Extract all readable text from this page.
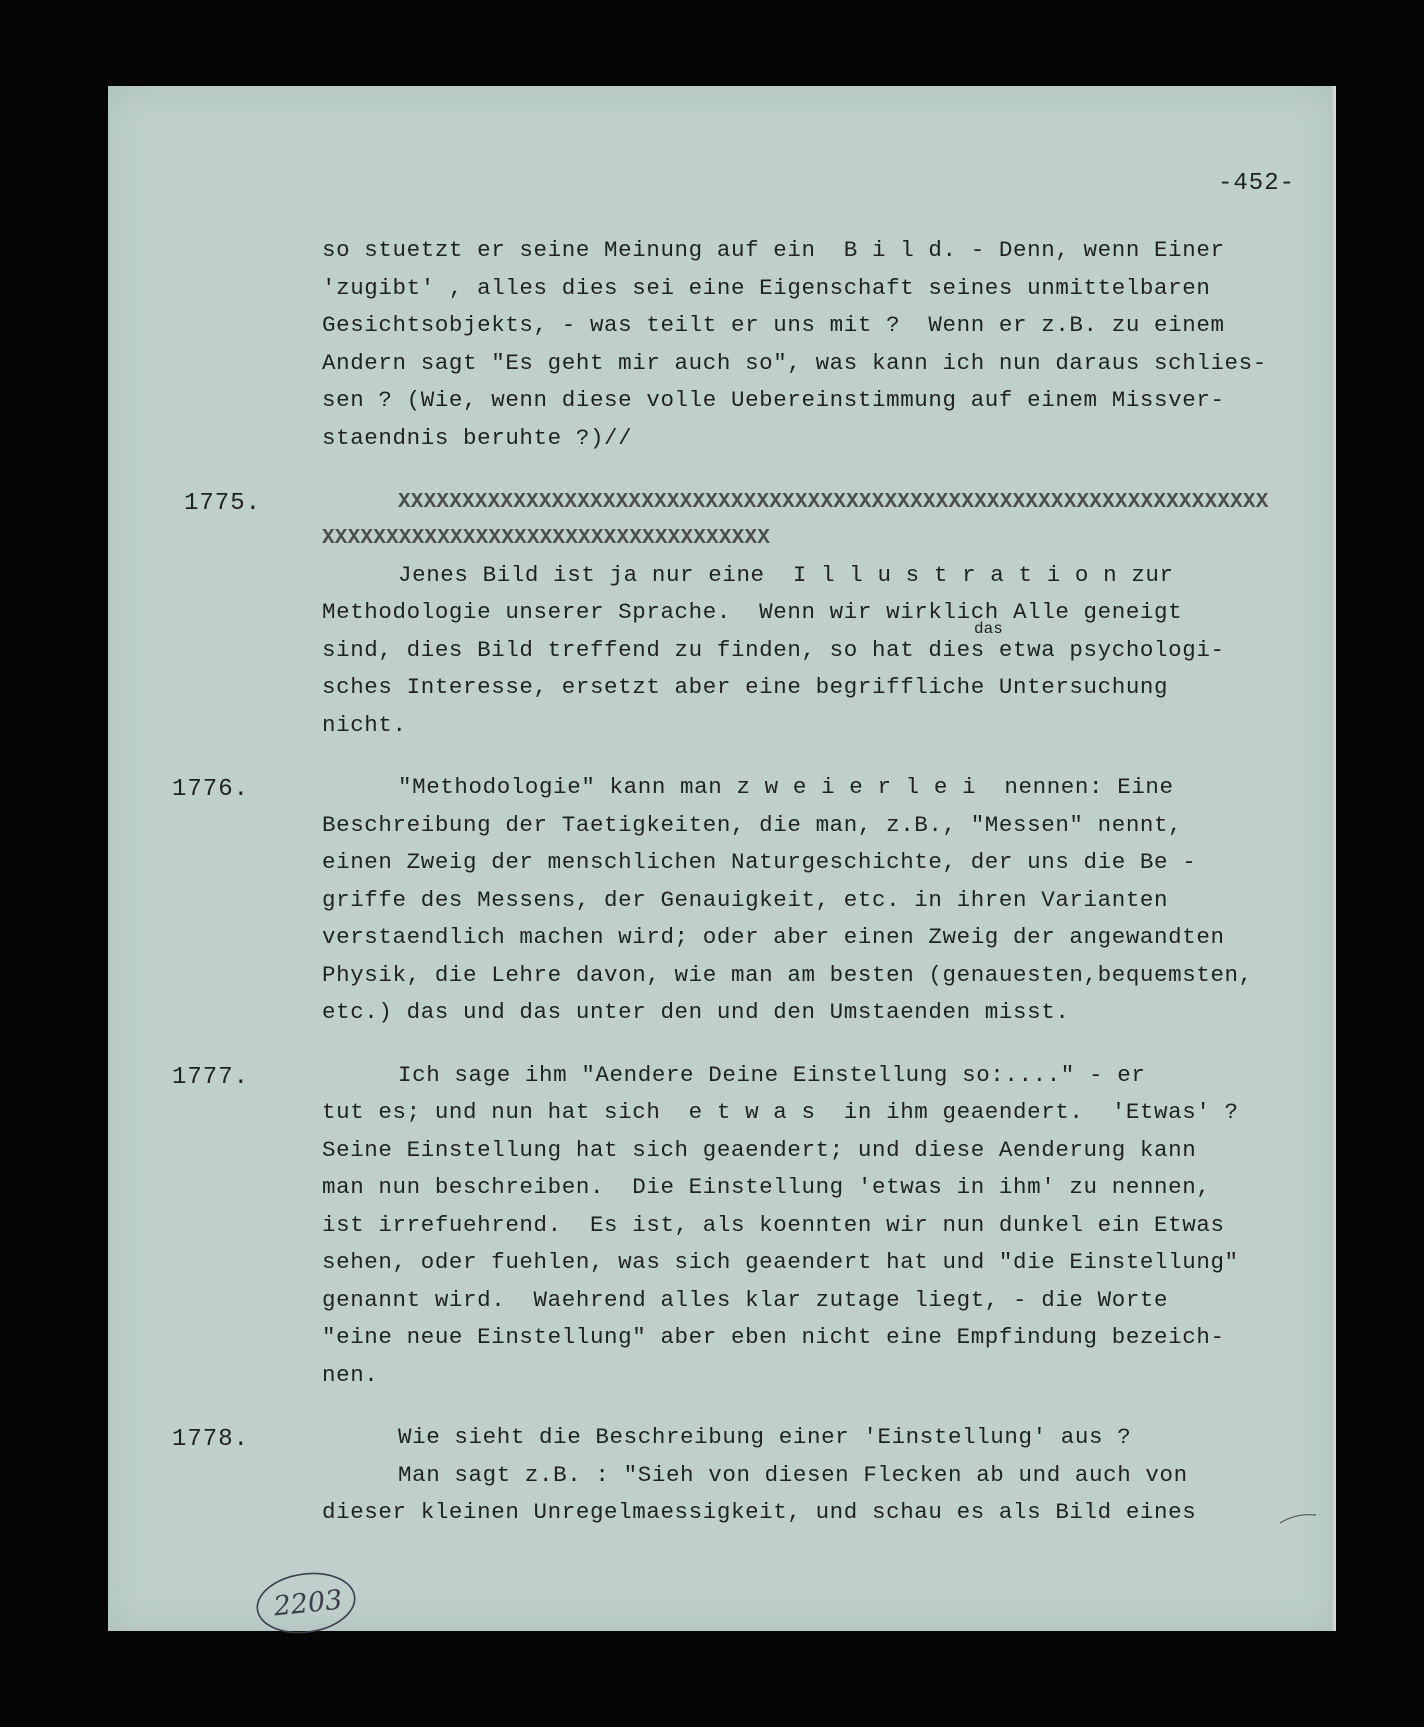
-452-
so stuetzt er seine Meinung auf ein  B i l d. - Denn, wenn Einer
'zugibt' , alles dies sei eine Eigenschaft seines unmittelbaren
Gesichtsobjekts, - was teilt er uns mit ?  Wenn er z.B. zu einem
Andern sagt "Es geht mir auch so", was kann ich nun daraus schlies-
sen ? (Wie, wenn diese volle Uebereinstimmung auf einem Missver-
staendnis beruhte ?)//
Jenes Bild ist ja nur eine  I l l u s t r a t i o n zur
Methodologie unserer Sprache.  Wenn wir wirklich Alle geneigt
sind, dies Bild treffend zu finden, so hat dies etwa psychologi-
sches Interesse, ersetzt aber eine begriffliche Untersuchung
nicht.
"Methodologie" kann man z w e i e r l e i  nennen: Eine
Beschreibung der Taetigkeiten, die man, z.B., "Messen" nennt,
einen Zweig der menschlichen Naturgeschichte, der uns die Be -
griffe des Messens, der Genauigkeit, etc. in ihren Varianten
verstaendlich machen wird; oder aber einen Zweig der angewandten
Physik, die Lehre davon, wie man am besten (genauesten,bequemsten,
etc.) das und das unter den und den Umstaenden misst.
Ich sage ihm "Aendere Deine Einstellung so:...." - er
tut es; und nun hat sich  e t w a s  in ihm geaendert.  'Etwas' ?
Seine Einstellung hat sich geaendert; und diese Aenderung kann
man nun beschreiben.  Die Einstellung 'etwas in ihm' zu nennen,
ist irrefuehrend.  Es ist, als koennten wir nun dunkel ein Etwas
sehen, oder fuehlen, was sich geaendert hat und "die Einstellung"
genannt wird.  Waehrend alles klar zutage liegt, - die Worte
"eine neue Einstellung" aber eben nicht eine Empfindung bezeich-
nen.
Wie sieht die Beschreibung einer 'Einstellung' aus ?
Man sagt z.B. : "Sieh von diesen Flecken ab und auch von
dieser kleinen Unregelmaessigkeit, und schau es als Bild eines
1775.
1776.
1777.
1778.
XXXXXXXXXXXXXXXXXXXXXXXXXXXXXXXXXXXXXXXXXXXXXXXXXXXXXXXXXXXXXXXXXXXX
XXXXXXXXXXXXXXXXXXXXXXXXXXXXXXXXXXX
das
2203
